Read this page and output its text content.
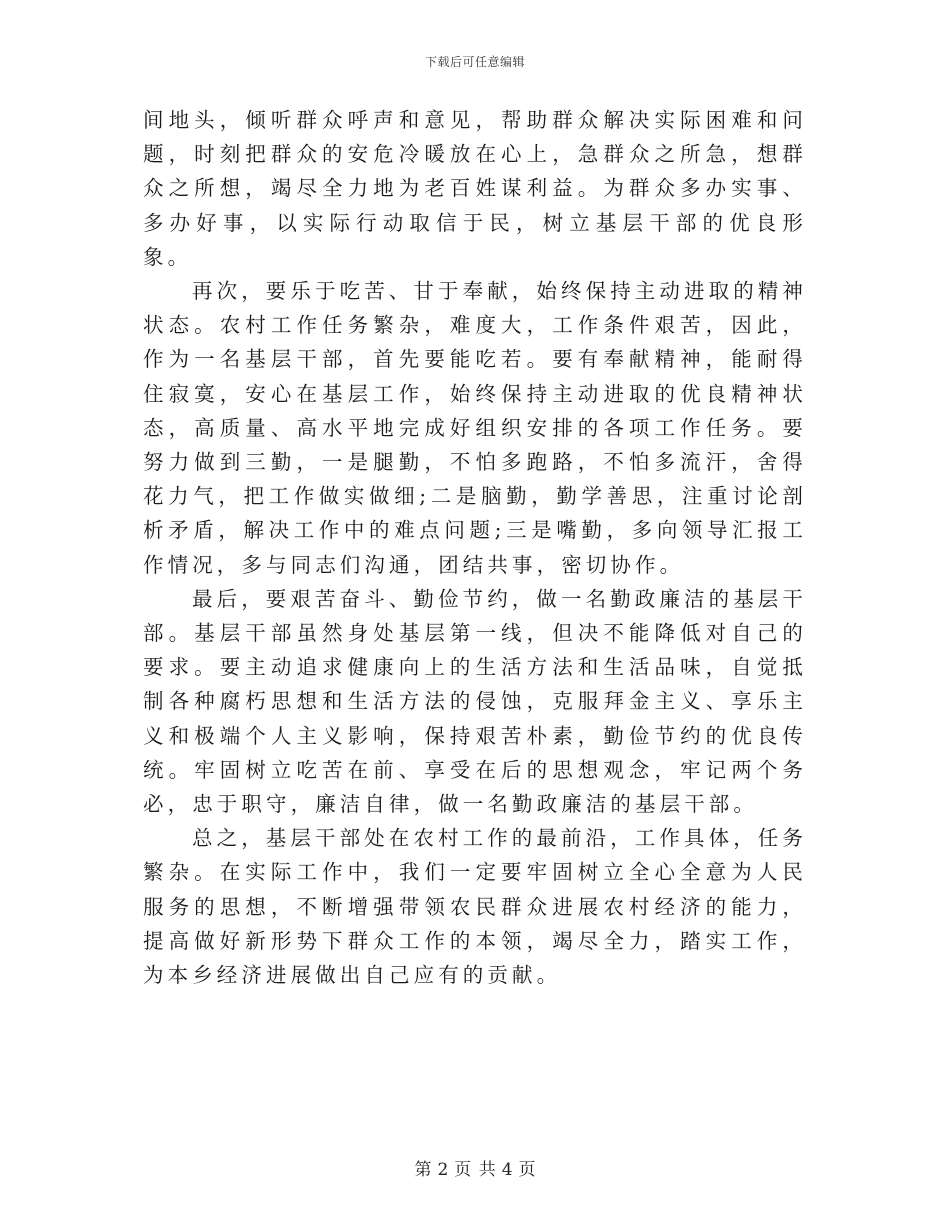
下载后可任意编辑

间地头，倾听群众呼声和意见，帮助群众解决实际困难和问题，时刻把群众的安危冷暖放在心上，急群众之所急，想群众之所想，竭尽全力地为老百姓谋利益。为群众多办实事、多办好事，以实际行动取信于民，树立基层干部的优良形象。

再次，要乐于吃苦、甘于奉献，始终保持主动进取的精神状态。农村工作任务繁杂，难度大，工作条件艰苦，因此，作为一名基层干部，首先要能吃若。要有奉献精神，能耐得住寂寞，安心在基层工作，始终保持主动进取的优良精神状态，高质量、高水平地完成好组织安排的各项工作任务。要努力做到三勤，一是腿勤，不怕多跑路，不怕多流汗，舍得花力气，把工作做实做细;二是脑勤，勤学善思，注重讨论剖析矛盾，解决工作中的难点问题;三是嘴勤，多向领导汇报工作情况，多与同志们沟通，团结共事，密切协作。

最后，要艰苦奋斗、勤俭节约，做一名勤政廉洁的基层干部。基层干部虽然身处基层第一线，但决不能降低对自己的要求。要主动追求健康向上的生活方法和生活品味，自觉抵制各种腐朽思想和生活方法的侵蚀，克服拜金主义、享乐主义和极端个人主义影响，保持艰苦朴素，勤俭节约的优良传统。牢固树立吃苦在前、享受在后的思想观念，牢记两个务必，忠于职守，廉洁自律，做一名勤政廉洁的基层干部。

总之，基层干部处在农村工作的最前沿，工作具体，任务繁杂。在实际工作中，我们一定要牢固树立全心全意为人民服务的思想，不断增强带领农民群众进展农村经济的能力，提高做好新形势下群众工作的本领，竭尽全力，踏实工作，为本乡经济进展做出自己应有的贡献。

第 2 页 共 4 页
